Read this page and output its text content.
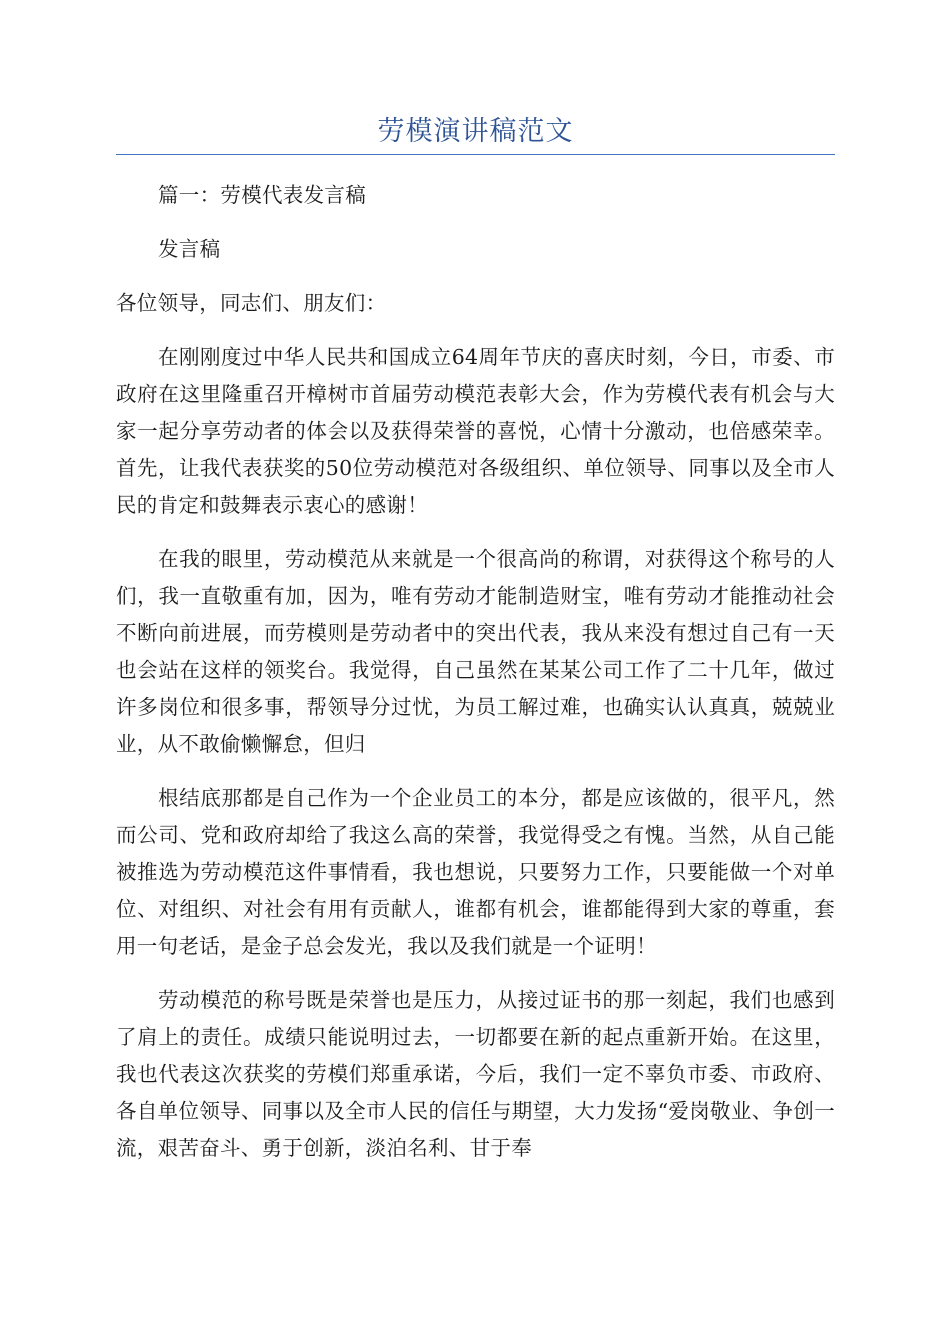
劳模演讲稿范文

篇一：劳模代表发言稿

发言稿

各位领导，同志们、朋友们：

在刚刚度过中华人民共和国成立64周年节庆的喜庆时刻，今日，市委、市政府在这里隆重召开樟树市首届劳动模范表彰大会，作为劳模代表有机会与大家一起分享劳动者的体会以及获得荣誉的喜悦，心情十分激动，也倍感荣幸。首先，让我代表获奖的50位劳动模范对各级组织、单位领导、同事以及全市人民的肯定和鼓舞表示衷心的感谢！

在我的眼里，劳动模范从来就是一个很高尚的称谓，对获得这个称号的人们，我一直敬重有加，因为，唯有劳动才能制造财宝，唯有劳动才能推动社会不断向前进展，而劳模则是劳动者中的突出代表，我从来没有想过自己有一天也会站在这样的领奖台。我觉得，自己虽然在某某公司工作了二十几年，做过许多岗位和很多事，帮领导分过忧，为员工解过难，也确实认认真真，兢兢业业，从不敢偷懒懈怠，但归

根结底那都是自己作为一个企业员工的本分，都是应该做的，很平凡，然而公司、党和政府却给了我这么高的荣誉，我觉得受之有愧。当然，从自己能被推选为劳动模范这件事情看，我也想说，只要努力工作，只要能做一个对单位、对组织、对社会有用有贡献人，谁都有机会，谁都能得到大家的尊重，套用一句老话，是金子总会发光，我以及我们就是一个证明！

劳动模范的称号既是荣誉也是压力，从接过证书的那一刻起，我们也感到了肩上的责任。成绩只能说明过去，一切都要在新的起点重新开始。在这里，我也代表这次获奖的劳模们郑重承诺，今后，我们一定不辜负市委、市政府、各自单位领导、同事以及全市人民的信任与期望，大力发扬“爱岗敬业、争创一流，艰苦奋斗、勇于创新，淡泊名利、甘于奉
